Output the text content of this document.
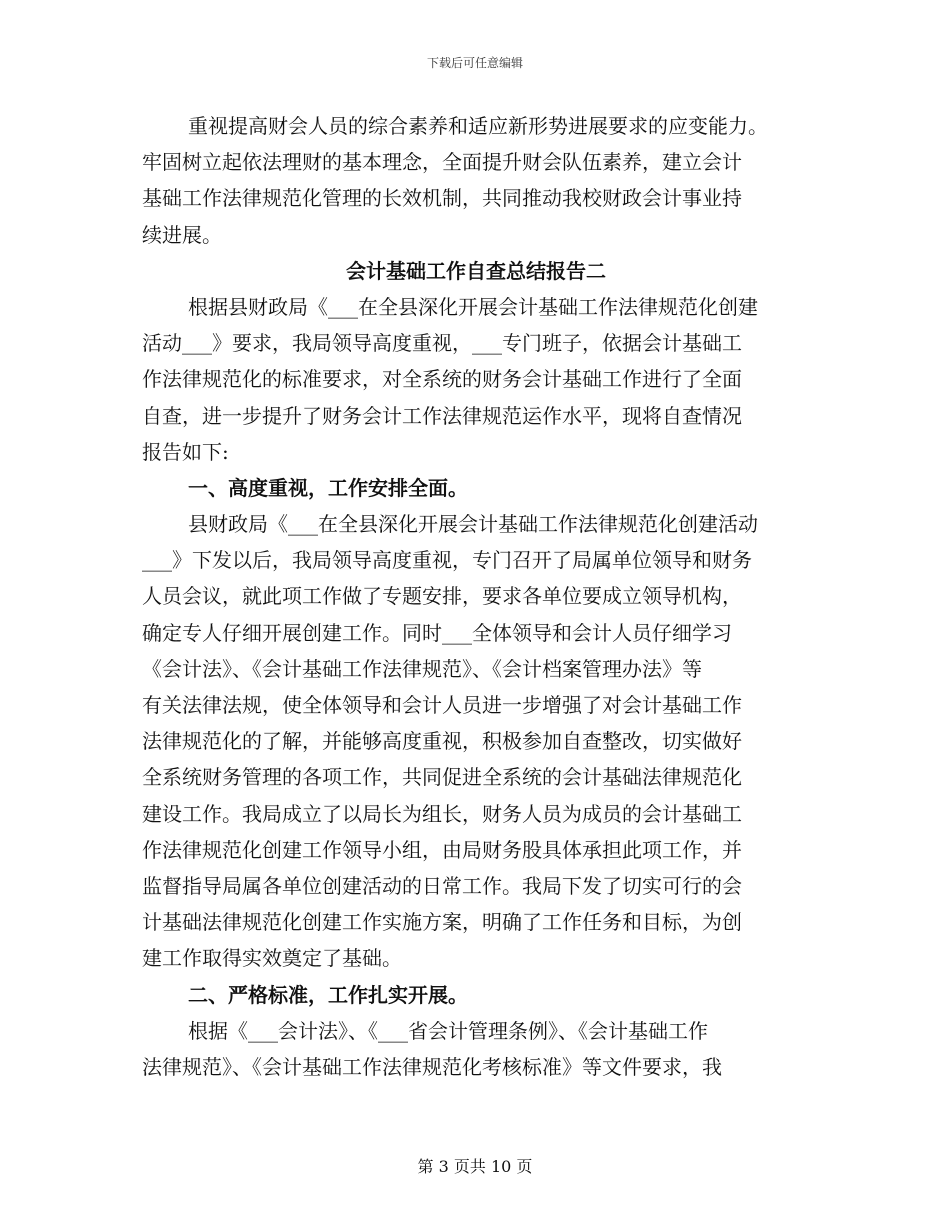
下载后可任意编辑
重视提高财会人员的综合素养和适应新形势进展要求的应变能力。
牢固树立起依法理财的基本理念，全面提升财会队伍素养，建立会计
基础工作法律规范化管理的长效机制，共同推动我校财政会计事业持
续进展。
会计基础工作自查总结报告二
根据县财政局《___在全县深化开展会计基础工作法律规范化创建
活动___》要求，我局领导高度重视，___专门班子，依据会计基础工
作法律规范化的标准要求，对全系统的财务会计基础工作进行了全面
自查，进一步提升了财务会计工作法律规范运作水平，现将自查情况
报告如下:
一、高度重视，工作安排全面。
县财政局《___在全县深化开展会计基础工作法律规范化创建活动
___》下发以后，我局领导高度重视，专门召开了局属单位领导和财务
人员会议，就此项工作做了专题安排，要求各单位要成立领导机构，
确定专人仔细开展创建工作。同时___全体领导和会计人员仔细学习
《会计法》、《会计基础工作法律规范》、《会计档案管理办法》等
有关法律法规，使全体领导和会计人员进一步增强了对会计基础工作
法律规范化的了解，并能够高度重视，积极参加自查整改，切实做好
全系统财务管理的各项工作，共同促进全系统的会计基础法律规范化
建设工作。我局成立了以局长为组长，财务人员为成员的会计基础工
作法律规范化创建工作领导小组，由局财务股具体承担此项工作，并
监督指导局属各单位创建活动的日常工作。我局下发了切实可行的会
计基础法律规范化创建工作实施方案，明确了工作任务和目标，为创
建工作取得实效奠定了基础。
二、严格标准，工作扎实开展。
根据《___会计法》、《___省会计管理条例》、《会计基础工作
法律规范》、《会计基础工作法律规范化考核标准》等文件要求，我
第 3 页共 10 页
